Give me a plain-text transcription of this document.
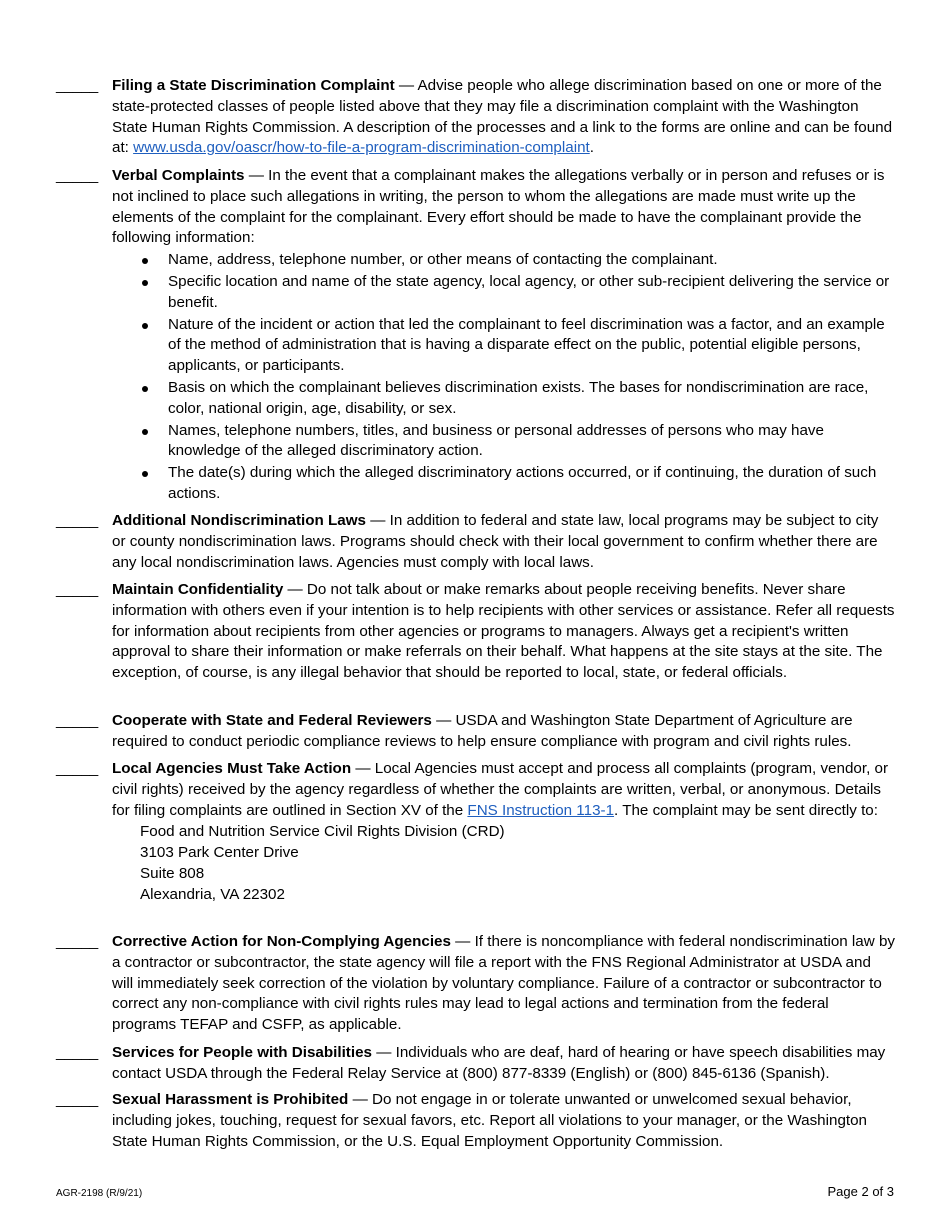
_____ Filing a State Discrimination Complaint — Advise people who allege discrimination based on one or more of the state-protected classes of people listed above that they may file a discrimination complaint with the Washington State Human Rights Commission. A description of the processes and a link to the forms are online and can be found at: www.usda.gov/oascr/how-to-file-a-program-discrimination-complaint.
_____ Verbal Complaints — In the event that a complainant makes the allegations verbally or in person and refuses or is not inclined to place such allegations in writing, the person to whom the allegations are made must write up the elements of the complaint for the complainant. Every effort should be made to have the complainant provide the following information:
Name, address, telephone number, or other means of contacting the complainant.
Specific location and name of the state agency, local agency, or other sub-recipient delivering the service or benefit.
Nature of the incident or action that led the complainant to feel discrimination was a factor, and an example of the method of administration that is having a disparate effect on the public, potential eligible persons, applicants, or participants.
Basis on which the complainant believes discrimination exists. The bases for nondiscrimination are race, color, national origin, age, disability, or sex.
Names, telephone numbers, titles, and business or personal addresses of persons who may have knowledge of the alleged discriminatory action.
The date(s) during which the alleged discriminatory actions occurred, or if continuing, the duration of such actions.
_____ Additional Nondiscrimination Laws — In addition to federal and state law, local programs may be subject to city or county nondiscrimination laws. Programs should check with their local government to confirm whether there are any local nondiscrimination laws. Agencies must comply with local laws.
_____ Maintain Confidentiality — Do not talk about or make remarks about people receiving benefits. Never share information with others even if your intention is to help recipients with other services or assistance. Refer all requests for information about recipients from other agencies or programs to managers. Always get a recipient's written approval to share their information or make referrals on their behalf. What happens at the site stays at the site. The exception, of course, is any illegal behavior that should be reported to local, state, or federal officials.
_____ Cooperate with State and Federal Reviewers — USDA and Washington State Department of Agriculture are required to conduct periodic compliance reviews to help ensure compliance with program and civil rights rules.
_____ Local Agencies Must Take Action — Local Agencies must accept and process all complaints (program, vendor, or civil rights) received by the agency regardless of whether the complaints are written, verbal, or anonymous. Details for filing complaints are outlined in Section XV of the FNS Instruction 113-1. The complaint may be sent directly to:
Food and Nutrition Service Civil Rights Division (CRD)
3103 Park Center Drive
Suite 808
Alexandria, VA 22302
_____ Corrective Action for Non-Complying Agencies — If there is noncompliance with federal nondiscrimination law by a contractor or subcontractor, the state agency will file a report with the FNS Regional Administrator at USDA and will immediately seek correction of the violation by voluntary compliance. Failure of a contractor or subcontractor to correct any non-compliance with civil rights rules may lead to legal actions and termination from the federal programs TEFAP and CSFP, as applicable.
_____ Services for People with Disabilities — Individuals who are deaf, hard of hearing or have speech disabilities may contact USDA through the Federal Relay Service at (800) 877-8339 (English) or (800) 845-6136 (Spanish).
_____ Sexual Harassment is Prohibited — Do not engage in or tolerate unwanted or unwelcomed sexual behavior, including jokes, touching, request for sexual favors, etc. Report all violations to your manager, or the Washington State Human Rights Commission, or the U.S. Equal Employment Opportunity Commission.
AGR-2198 (R/9/21)	Page 2 of 3
